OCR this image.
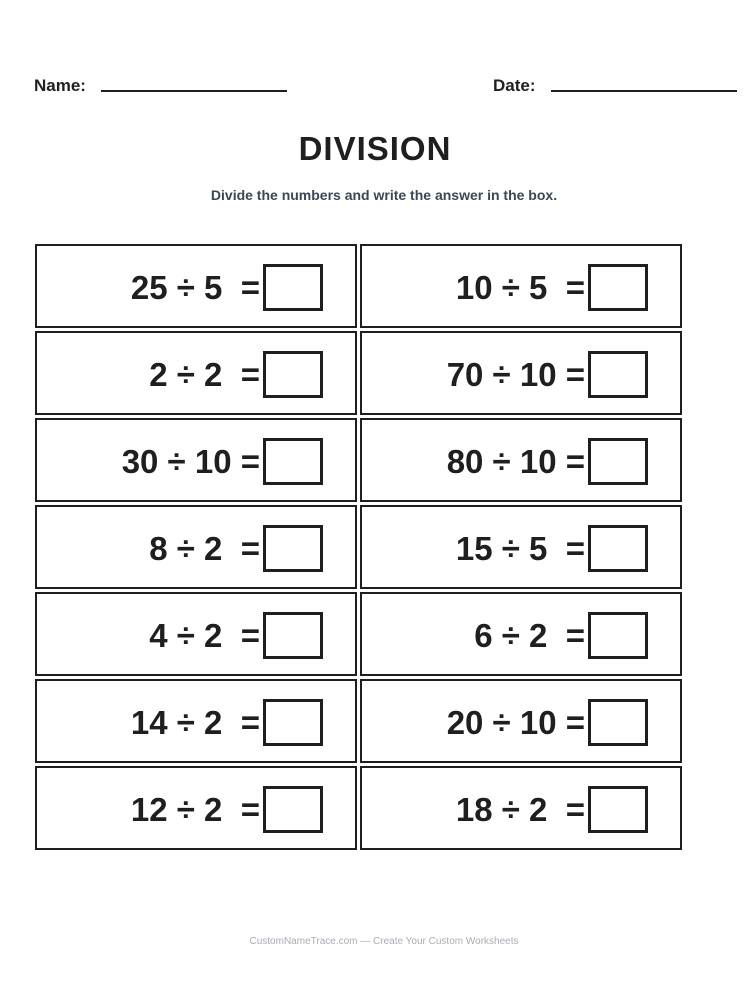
Name:	Date:
DIVISION
Divide the numbers and write the answer in the box.
25 ÷ 5  =	10 ÷ 5  =
2 ÷ 2  =	70 ÷ 10 =
30 ÷ 10 =	80 ÷ 10 =
8 ÷ 2  =	15 ÷ 5  =
4 ÷ 2  =	6 ÷ 2  =
14 ÷ 2  =	20 ÷ 10 =
12 ÷ 2  =	18 ÷ 2  =
CustomNameTrace.com — Create Your Custom Worksheets
